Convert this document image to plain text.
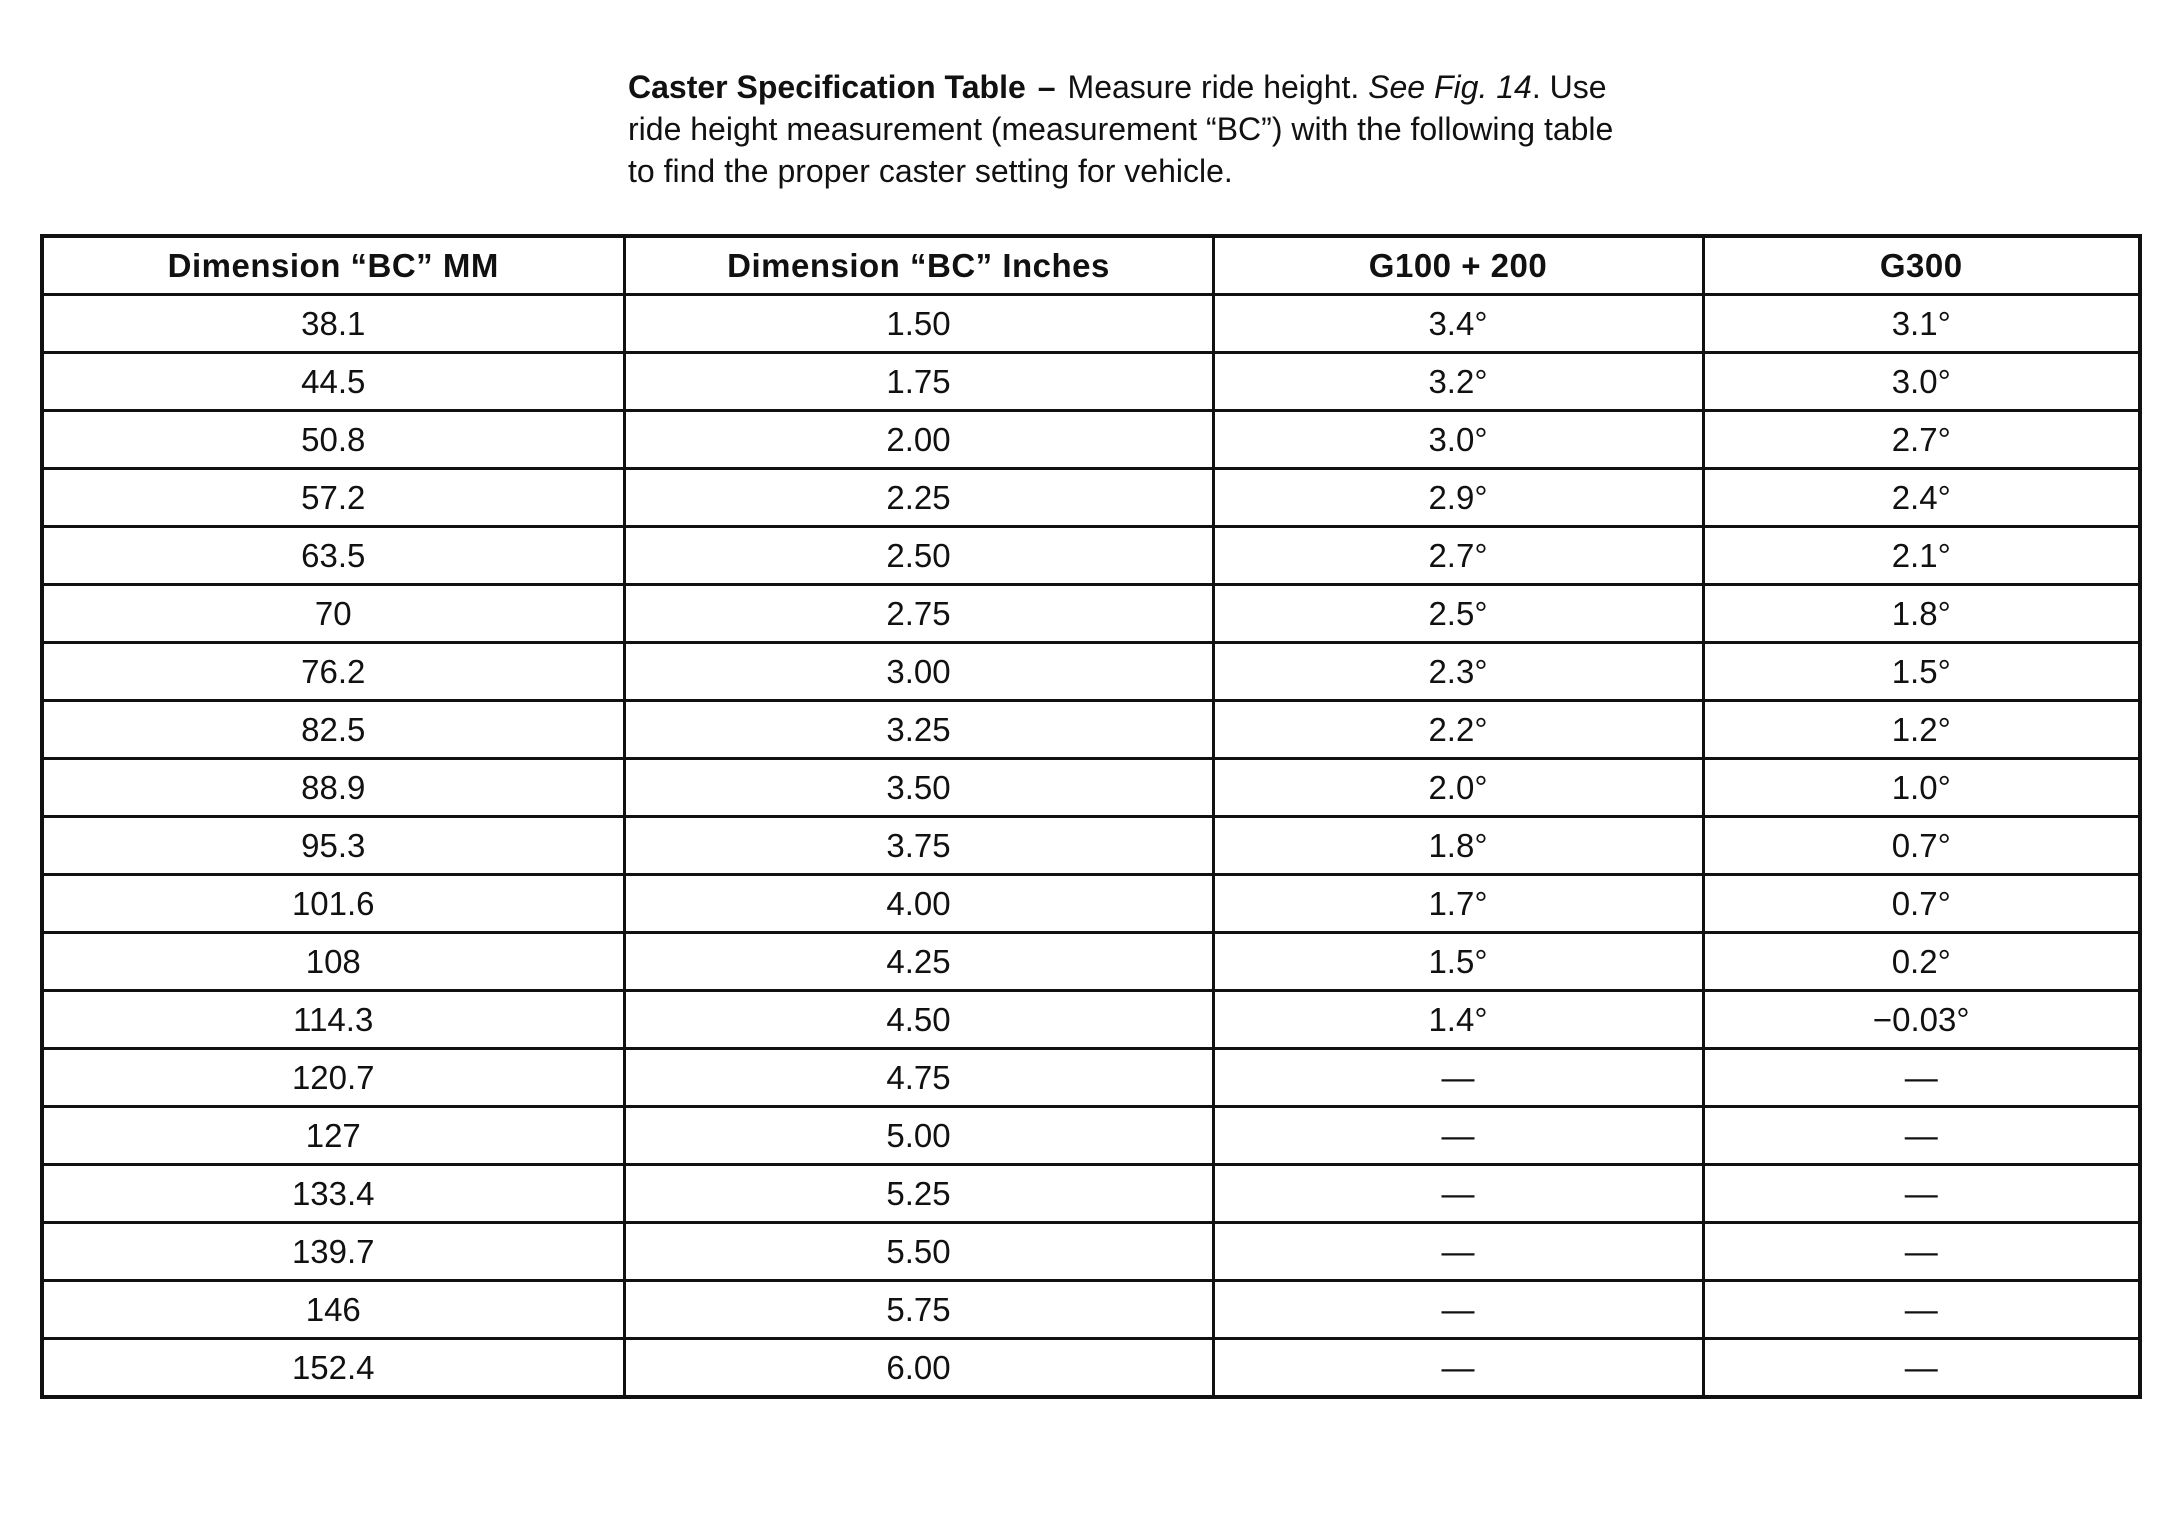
Caster Specification Table – Measure ride height. See Fig. 14. Use
ride height measurement (measurement “BC”) with the following table
to find the proper caster setting for vehicle.
Dimension “BC” MM	Dimension “BC” Inches	G100 + 200	G300
38.1	1.50	3.4°	3.1°
44.5	1.75	3.2°	3.0°
50.8	2.00	3.0°	2.7°
57.2	2.25	2.9°	2.4°
63.5	2.50	2.7°	2.1°
70	2.75	2.5°	1.8°
76.2	3.00	2.3°	1.5°
82.5	3.25	2.2°	1.2°
88.9	3.50	2.0°	1.0°
95.3	3.75	1.8°	0.7°
101.6	4.00	1.7°	0.7°
108	4.25	1.5°	0.2°
114.3	4.50	1.4°	−0.03°
120.7	4.75	—	—
127	5.00	—	—
133.4	5.25	—	—
139.7	5.50	—	—
146	5.75	—	—
152.4	6.00	—	—
